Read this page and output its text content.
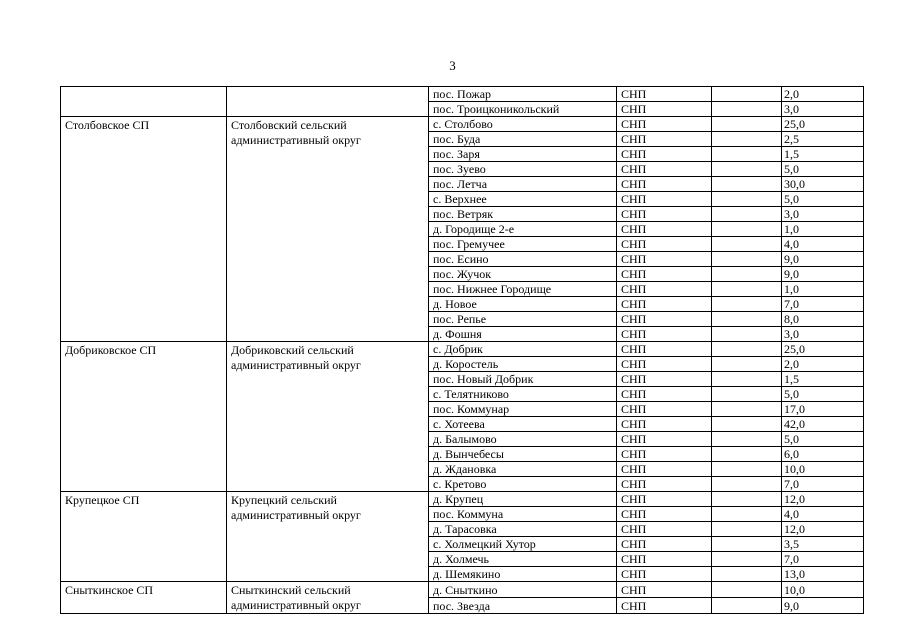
3
		пос. Пожар	СНП		2,0
		пос. Троицконикольский	СНП		3,0
Столбовское СП	Столбовский сельский административный округ	с. Столбово	СНП		25,0
		пос. Буда	СНП		2,5
		пос. Заря	СНП		1,5
		пос. Зуево	СНП		5,0
		пос. Летча	СНП		30,0
		с. Верхнее	СНП		5,0
		пос. Ветряк	СНП		3,0
		д. Городище 2-е	СНП		1,0
		пос. Гремучее	СНП		4,0
		пос. Есино	СНП		9,0
		пос. Жучок	СНП		9,0
		пос. Нижнее Городище	СНП		1,0
		д. Новое	СНП		7,0
		пос. Репье	СНП		8,0
		д. Фошня	СНП		3,0
Добриковское СП	Добриковский сельский административный округ	с. Добрик	СНП		25,0
		д. Коростель	СНП		2,0
		пос. Новый Добрик	СНП		1,5
		с. Телятниково	СНП		5,0
		пос. Коммунар	СНП		17,0
		с. Хотеева	СНП		42,0
		д. Балымово	СНП		5,0
		д. Вынчебесы	СНП		6,0
		д. Ждановка	СНП		10,0
		с. Кретово	СНП		7,0
Крупецкое СП	Крупецкий сельский административный округ	д. Крупец	СНП		12,0
		пос. Коммуна	СНП		4,0
		д. Тарасовка	СНП		12,0
		с. Холмецкий Хутор	СНП		3,5
		д. Холмечь	СНП		7,0
		д. Шемякино	СНП		13,0
Сныткинское СП	Сныткинский сельский административный округ	д. Сныткино	СНП		10,0
		пос. Звезда	СНП		9,0
